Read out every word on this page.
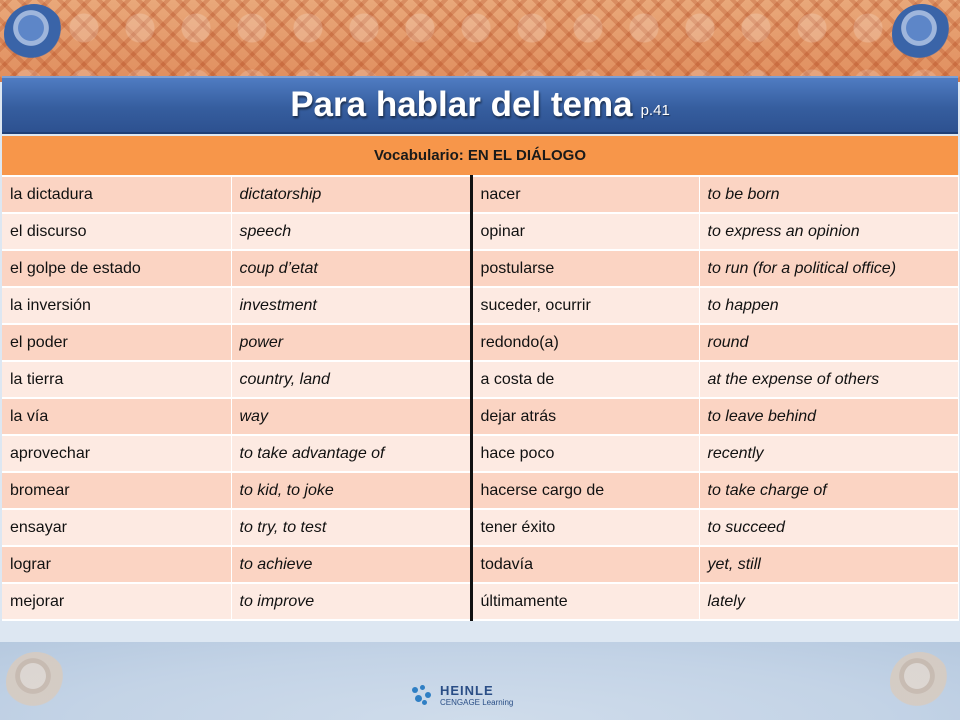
Para hablar del tema p.41
Vocabulario: EN EL DIÁLOGO			
la dictadura	dictatorship	nacer	to be born
el discurso	speech	opinar	to express an opinion
el golpe de estado	coup d’etat	postularse	to run (for a political office)
la inversión	investment	suceder, ocurrir	to happen
el poder	power	redondo(a)	round
la tierra	country, land	a costa de	at the expense of others
la vía	way	dejar atrás	to leave behind
aprovechar	to take advantage of	hace poco	recently
bromear	to kid, to joke	hacerse cargo de	to take charge of
ensayar	to try, to test	tener éxito	to succeed
lograr	to achieve	todavía	yet, still
mejorar	to improve	últimamente	lately
HEINLE
CENGAGE Learning
